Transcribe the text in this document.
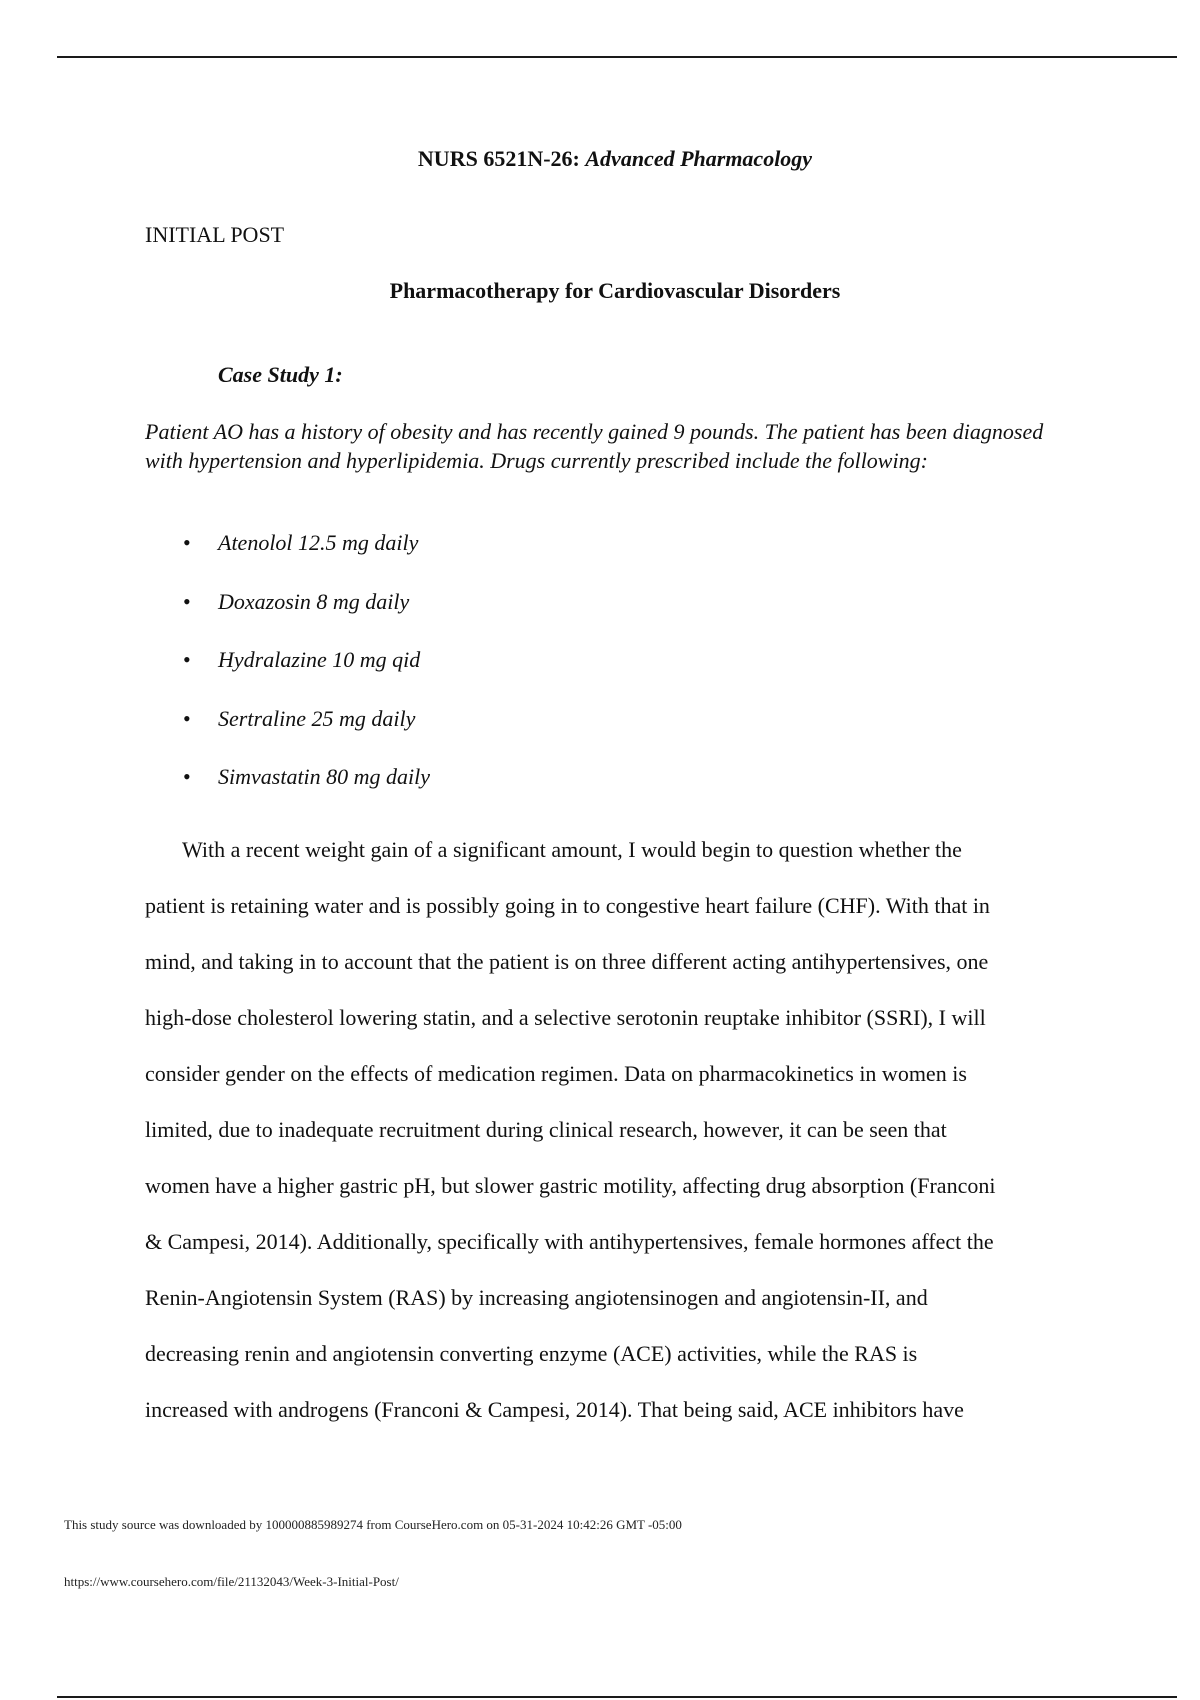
NURS 6521N-26: Advanced Pharmacology
INITIAL POST
Pharmacotherapy for Cardiovascular Disorders
Case Study 1:
Patient AO has a history of obesity and has recently gained 9 pounds. The patient has been diagnosed with hypertension and hyperlipidemia. Drugs currently prescribed include the following:
• Atenolol 12.5 mg daily
• Doxazosin 8 mg daily
• Hydralazine 10 mg qid
• Sertraline 25 mg daily
• Simvastatin 80 mg daily
With a recent weight gain of a significant amount, I would begin to question whether the
patient is retaining water and is possibly going in to congestive heart failure (CHF). With that in
mind, and taking in to account that the patient is on three different acting antihypertensives, one
high-dose cholesterol lowering statin, and a selective serotonin reuptake inhibitor (SSRI), I will
consider gender on the effects of medication regimen. Data on pharmacokinetics in women is
limited, due to inadequate recruitment during clinical research, however, it can be seen that
women have a higher gastric pH, but slower gastric motility, affecting drug absorption (Franconi
& Campesi, 2014). Additionally, specifically with antihypertensives, female hormones affect the
Renin-Angiotensin System (RAS) by increasing angiotensinogen and angiotensin-II, and
decreasing renin and angiotensin converting enzyme (ACE) activities, while the RAS is
increased with androgens (Franconi & Campesi, 2014). That being said, ACE inhibitors have
This study source was downloaded by 100000885989274 from CourseHero.com on 05-31-2024 10:42:26 GMT -05:00
https://www.coursehero.com/file/21132043/Week-3-Initial-Post/
